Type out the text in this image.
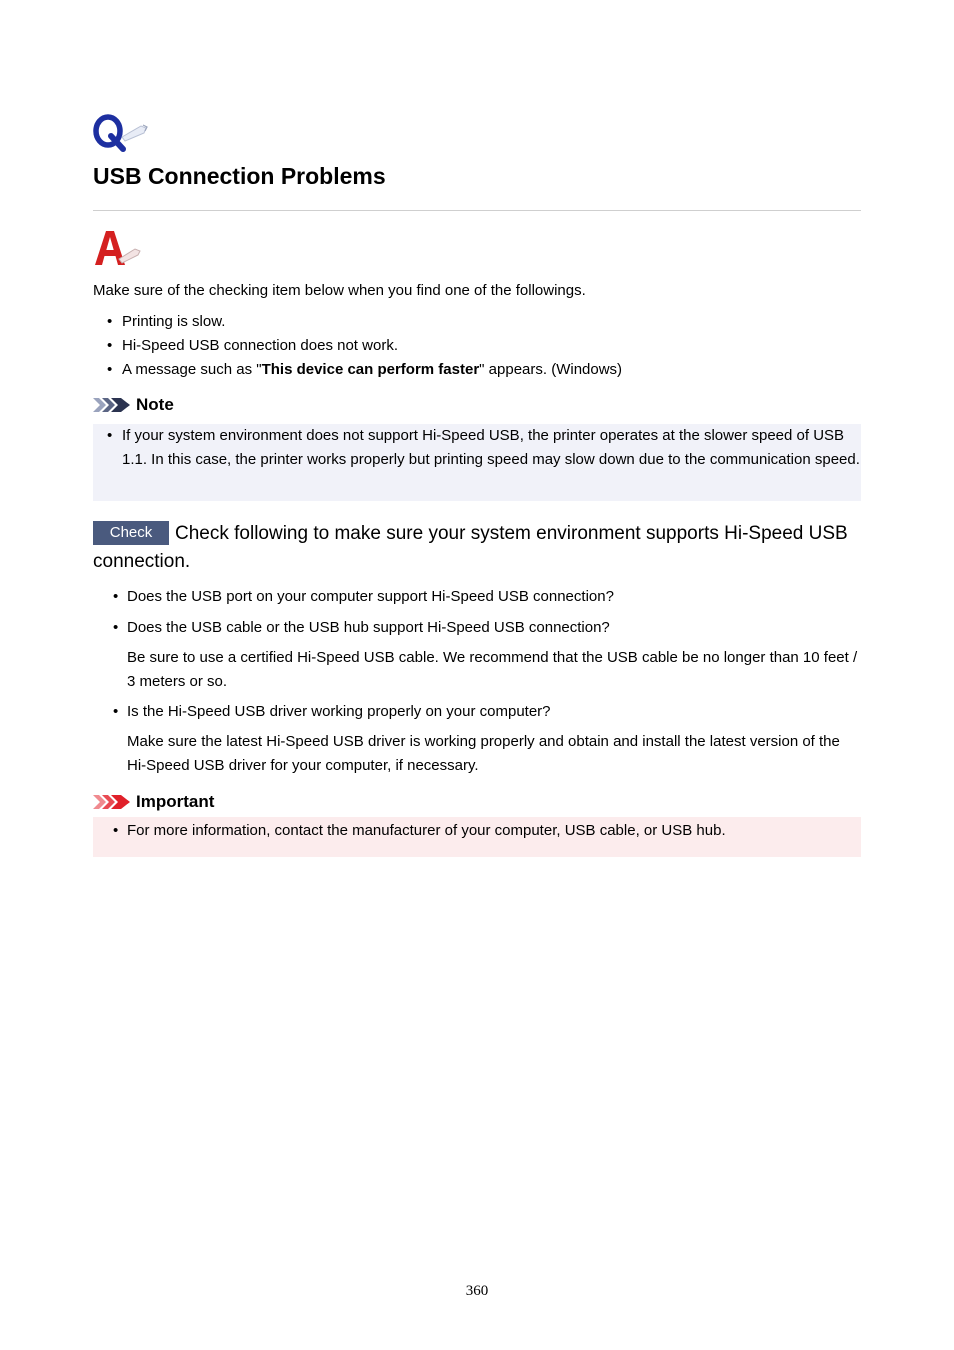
USB Connection Problems

Make sure of the checking item below when you find one of the followings.

• Printing is slow.
• Hi-Speed USB connection does not work.
• A message such as "This device can perform faster" appears. (Windows)
Note
• If your system environment does not support Hi-Speed USB, the printer operates at the slower speed of USB 1.1. In this case, the printer works properly but printing speed may slow down due to the communication speed.

Check Check following to make sure your system environment supports Hi-Speed USB connection.

• Does the USB port on your computer support Hi-Speed USB connection?
• Does the USB cable or the USB hub support Hi-Speed USB connection?
Be sure to use a certified Hi-Speed USB cable. We recommend that the USB cable be no longer than 10 feet / 3 meters or so.
• Is the Hi-Speed USB driver working properly on your computer?
Make sure the latest Hi-Speed USB driver is working properly and obtain and install the latest version of the Hi-Speed USB driver for your computer, if necessary.
Important
• For more information, contact the manufacturer of your computer, USB cable, or USB hub.
360
